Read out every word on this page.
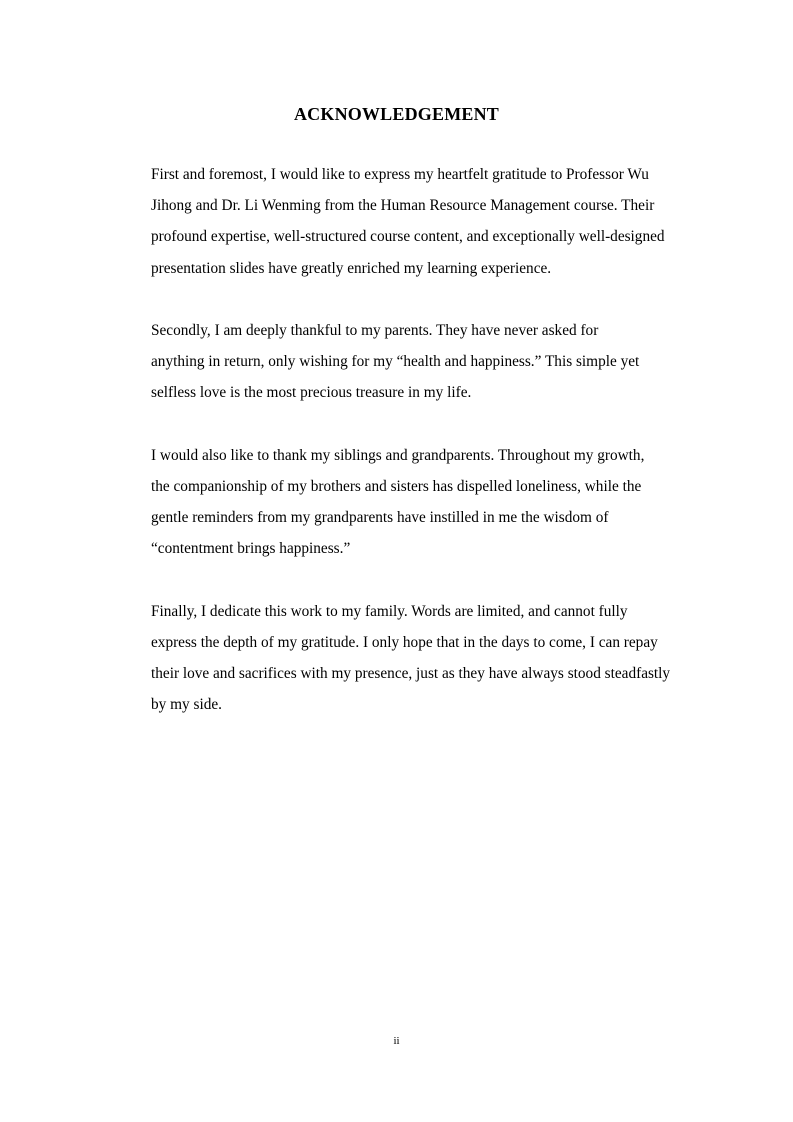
ACKNOWLEDGEMENT

First and foremost, I would like to express my heartfelt gratitude to Professor Wu
Jihong and Dr. Li Wenming from the Human Resource Management course. Their
profound expertise, well-structured course content, and exceptionally well-designed
presentation slides have greatly enriched my learning experience.

Secondly, I am deeply thankful to my parents. They have never asked for
anything in return, only wishing for my “health and happiness.” This simple yet
selfless love is the most precious treasure in my life.

I would also like to thank my siblings and grandparents. Throughout my growth,
the companionship of my brothers and sisters has dispelled loneliness, while the
gentle reminders from my grandparents have instilled in me the wisdom of
“contentment brings happiness.”

Finally, I dedicate this work to my family. Words are limited, and cannot fully
express the depth of my gratitude. I only hope that in the days to come, I can repay
their love and sacrifices with my presence, just as they have always stood steadfastly
by my side.

ii
